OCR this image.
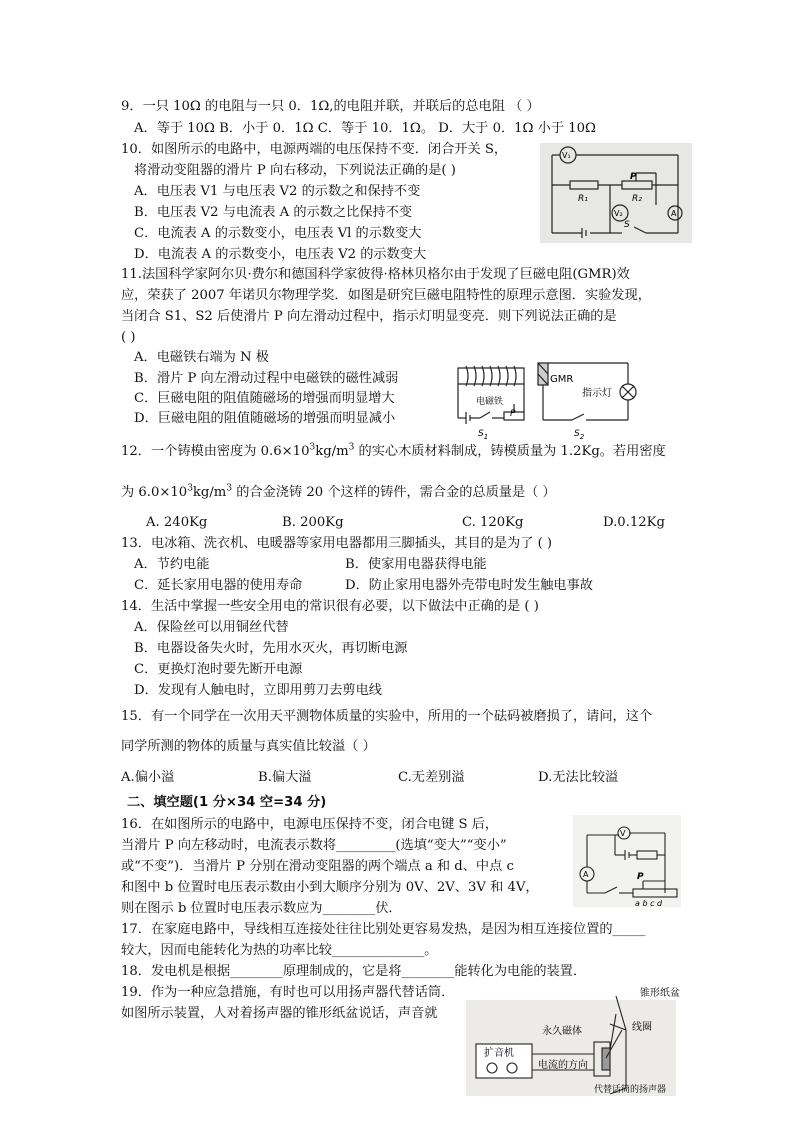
9．一只 10Ω 的电阻与一只 0．1Ω,的电阻并联，并联后的总电阻 （ ）
A．等于 10Ω B．小于 0．1Ω C．等于 10．1Ω。 D．大于 0．1Ω 小于 10Ω
10．如图所示的电路中，电源两端的电压保持不变．闭合开关 S，
将滑动变阻器的滑片 P 向右移动，下列说法正确的是( )
A．电压表 V1 与电压表 V2 的示数之和保持不变
B．电压表 V2 与电流表 A 的示数之比保持不变
C．电流表 A 的示数变小，电压表 Vl 的示数变大
D．电流表 A 的示数变小，电压表 V2 的示数变大
V₁
V₂	A
R₁	R₂
P
S
11.法国科学家阿尔贝·费尔和德国科学家彼得·格林贝格尔由于发现了巨磁电阻(GMR)效
应，荣获了 2007 年诺贝尔物理学奖．如图是研究巨磁电阻特性的原理示意图．实验发现，
当闭合 S1、S2 后使滑片 P 向左滑动过程中，指示灯明显变亮．则下列说法正确的是
( )
A．电磁铁右端为 N 极
B．滑片 P 向左滑动过程中电磁铁的磁性减弱
C．巨磁电阻的阻值随磁场的增强而明显增大
D．巨磁电阻的阻值随磁场的增强而明显减小
GMR
电磁铁
指示灯
P
$S_1$	$S_2$
12．一个铸模由密度为 $0.6\times 10^3kg/m^3$ 的实心木质材料制成，铸模质量为 1.2Kg。若用密度
为 $6.0\times 10^3kg/m^3$ 的合金浇铸 20 个这样的铸件，需合金的总质量是（ ）
A. 240Kg	B. 200Kg	C. 120Kg	D.0.12Kg
13．电冰箱、洗衣机、电暖器等家用电器都用三脚插头，其目的是为了 ( )
A．节约电能	B．使家用电器获得电能
C．延长家用电器的使用寿命	D．防止家用电器外壳带电时发生触电事故
14．生活中掌握一些安全用电的常识很有必要，以下做法中正确的是 ( )
A．保险丝可以用铜丝代替
B．电器设备失火时，先用水灭火，再切断电源
C．更换灯泡时要先断开电源
D．发现有人触电时，立即用剪刀去剪电线
15．有一个同学在一次用天平测物体质量的实验中，所用的一个砝码被磨损了，请问，这个
同学所测的物体的质量与真实值比较溢（ ）
A.偏小溢	B.偏大溢	C.无差别溢	D.无法比较溢
二、填空题(1 分×34 空=34 分)
16．在如图所示的电路中，电源电压保持不变，闭合电键 S 后，
当滑片 P 向左移动时，电流表示数将_________(选填“变大”“变小”
或“不变”)．当滑片 P 分别在滑动变阻器的两个端点 a 和 d、中点 c
和图中 b 位置时电压表示数由小到大顺序分别为 0V、2V、3V 和 4V，
则在图示 b 位置时电压表示数应为________伏．
V
A	P
a b c d
17．在家庭电路中，导线相互连接处往往比别处更容易发热，是因为相互连接位置的_____
较大，因而电能转化为热的功率比较______________。
18．发电机是根据________原理制成的，它是将________能转化为电能的装置．
19．作为一种应急措施，有时也可以用扬声器代替话筒．
如图所示装置，人对着扬声器的锥形纸盆说话，声音就
锥形纸盆
永久磁体	线圈
扩音机
电流的方向
代替话筒的扬声器
